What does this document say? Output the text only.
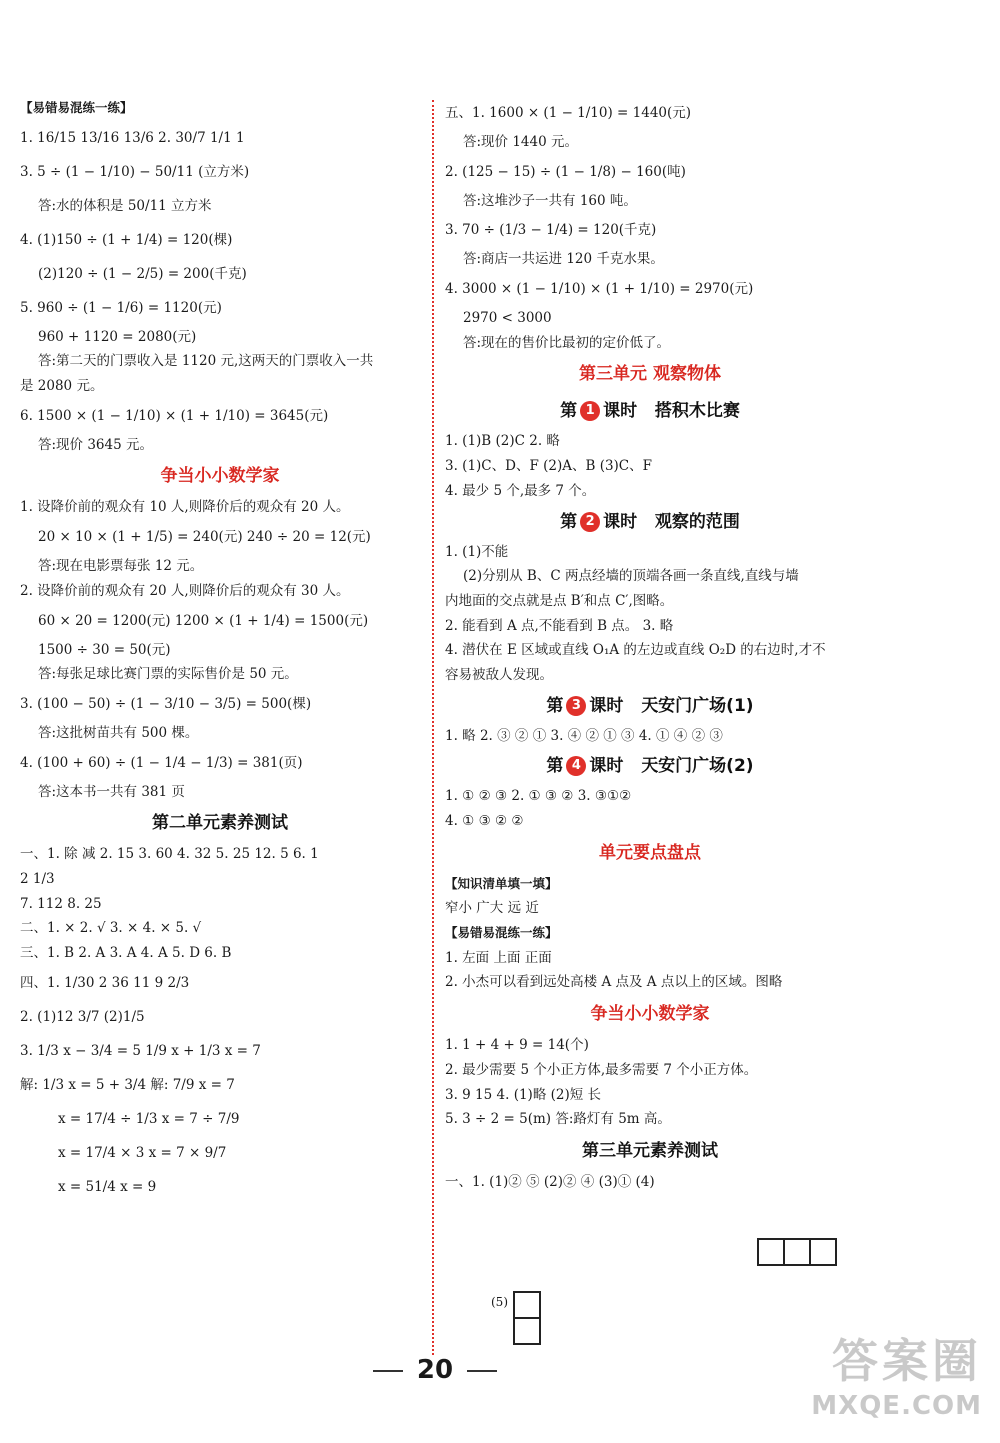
【易错易混练一练】
1. 16/15 13/16 13/6 2. 30/7 1/1 1
3. 5 ÷ (1 − 1/10) − 50/11 (立方米)
答:水的体积是 50/11 立方米
4. (1)150 ÷ (1 + 1/4) = 120(棵)
(2)120 ÷ (1 − 2/5) = 200(千克)
5. 960 ÷ (1 − 1/6) = 1120(元)
960 + 1120 = 2080(元)
答:第二天的门票收入是 1120 元,这两天的门票收入一共
是 2080 元。
6. 1500 × (1 − 1/10) × (1 + 1/10) = 3645(元)
答:现价 3645 元。
争当小小数学家
1. 设降价前的观众有 10 人,则降价后的观众有 20 人。
20 × 10 × (1 + 1/5) = 240(元) 240 ÷ 20 = 12(元)
答:现在电影票每张 12 元。
2. 设降价前的观众有 20 人,则降价后的观众有 30 人。
60 × 20 = 1200(元) 1200 × (1 + 1/4) = 1500(元)
1500 ÷ 30 = 50(元)
答:每张足球比赛门票的实际售价是 50 元。
3. (100 − 50) ÷ (1 − 3/10 − 3/5) = 500(棵)
答:这批树苗共有 500 棵。
4. (100 + 60) ÷ (1 − 1/4 − 1/3) = 381(页)
答:这本书一共有 381 页
第二单元素养测试
一、1. 除 减 2. 15 3. 60 4. 32 5. 25 12. 5 6. 1
2 1/3
7. 112 8. 25
二、1. × 2. √ 3. × 4. × 5. √
三、1. B 2. A 3. A 4. A 5. D 6. B
四、1. 1/30 2 36 11 9 2/3
2. (1)12 3/7 (2)1/5
3. 1/3 x − 3/4 = 5 1/9 x + 1/3 x = 7
解: 1/3 x = 5 + 3/4 解: 7/9 x = 7
x = 17/4 ÷ 1/3 x = 7 ÷ 7/9
x = 17/4 × 3 x = 7 × 9/7
x = 51/4 x = 9
五、1. 1600 × (1 − 1/10) = 1440(元)
答:现价 1440 元。
2. (125 − 15) ÷ (1 − 1/8) − 160(吨)
答:这堆沙子一共有 160 吨。
3. 70 ÷ (1/3 − 1/4) = 120(千克)
答:商店一共运进 120 千克水果。
4. 3000 × (1 − 1/10) × (1 + 1/10) = 2970(元)
2970 < 3000
答:现在的售价比最初的定价低了。
第三单元 观察物体
第 1 课时 搭积木比赛
1. (1)B (2)C 2. 略
3. (1)C、D、F (2)A、B (3)C、F
4. 最少 5 个,最多 7 个。
第 2 课时 观察的范围
1. (1)不能
(2)分别从 B、C 两点经墙的顶端各画一条直线,直线与墙
内地面的交点就是点 B′和点 C′,图略。
2. 能看到 A 点,不能看到 B 点。 3. 略
4. 潜伏在 E 区域或直线 O₁A 的左边或直线 O₂D 的右边时,才不
容易被敌人发现。
第 3 课时 天安门广场(1)
1. 略 2. ③ ② ① 3. ④ ② ① ③ 4. ① ④ ② ③
第 4 课时 天安门广场(2)
1. ① ② ③ 2. ① ③ ② 3. ③①②
4. ① ③ ② ②
单元要点盘点
【知识清单填一填】
窄小 广大 远 近
【易错易混练一练】
1. 左面 上面 正面
2. 小杰可以看到远处高楼 A 点及 A 点以上的区域。图略
争当小小数学家
1. 1 + 4 + 9 = 14(个)
2. 最少需要 5 个小正方体,最多需要 7 个小正方体。
3. 9 15 4. (1)略 (2)短 长
5. 3 ÷ 2 = 5(m) 答:路灯有 5m 高。
第三单元素养测试
一、1. (1)② ⑤ (2)② ④ (3)① (4)
(5)
20	答案圈
MXQE.COM
